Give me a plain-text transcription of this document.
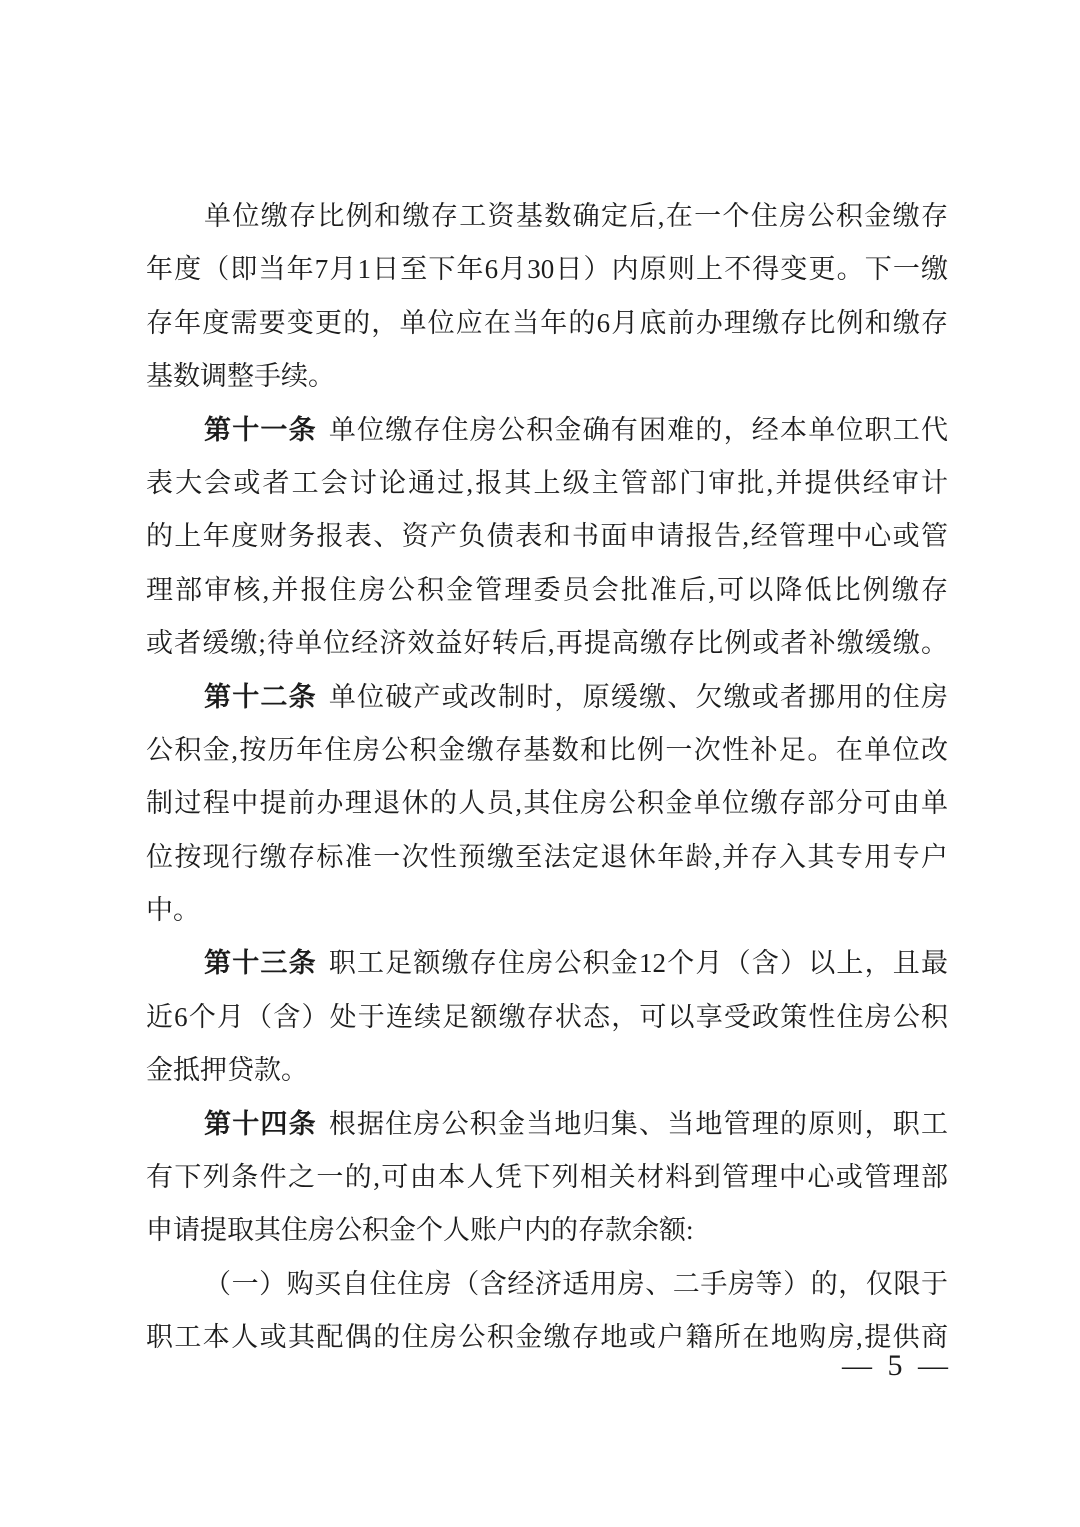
单位缴存比例和缴存工资基数确定后,在一个住房公积金缴存
年度（即当年7月1日至下年6月30日）内原则上不得变更。下一缴
存年度需要变更的，单位应在当年的6月底前办理缴存比例和缴存
基数调整手续。
第十一条 单位缴存住房公积金确有困难的，经本单位职工代
表大会或者工会讨论通过,报其上级主管部门审批,并提供经审计
的上年度财务报表、资产负债表和书面申请报告,经管理中心或管
理部审核,并报住房公积金管理委员会批准后,可以降低比例缴存
或者缓缴;待单位经济效益好转后,再提高缴存比例或者补缴缓缴。
第十二条 单位破产或改制时，原缓缴、欠缴或者挪用的住房
公积金,按历年住房公积金缴存基数和比例一次性补足。在单位改
制过程中提前办理退休的人员,其住房公积金单位缴存部分可由单
位按现行缴存标准一次性预缴至法定退休年龄,并存入其专用专户
中。
第十三条 职工足额缴存住房公积金12个月（含）以上，且最
近6个月（含）处于连续足额缴存状态，可以享受政策性住房公积
金抵押贷款。
第十四条 根据住房公积金当地归集、当地管理的原则，职工
有下列条件之一的,可由本人凭下列相关材料到管理中心或管理部
申请提取其住房公积金个人账户内的存款余额:
（一）购买自住住房（含经济适用房、二手房等）的，仅限于
职工本人或其配偶的住房公积金缴存地或户籍所在地购房,提供商
— 5 —
